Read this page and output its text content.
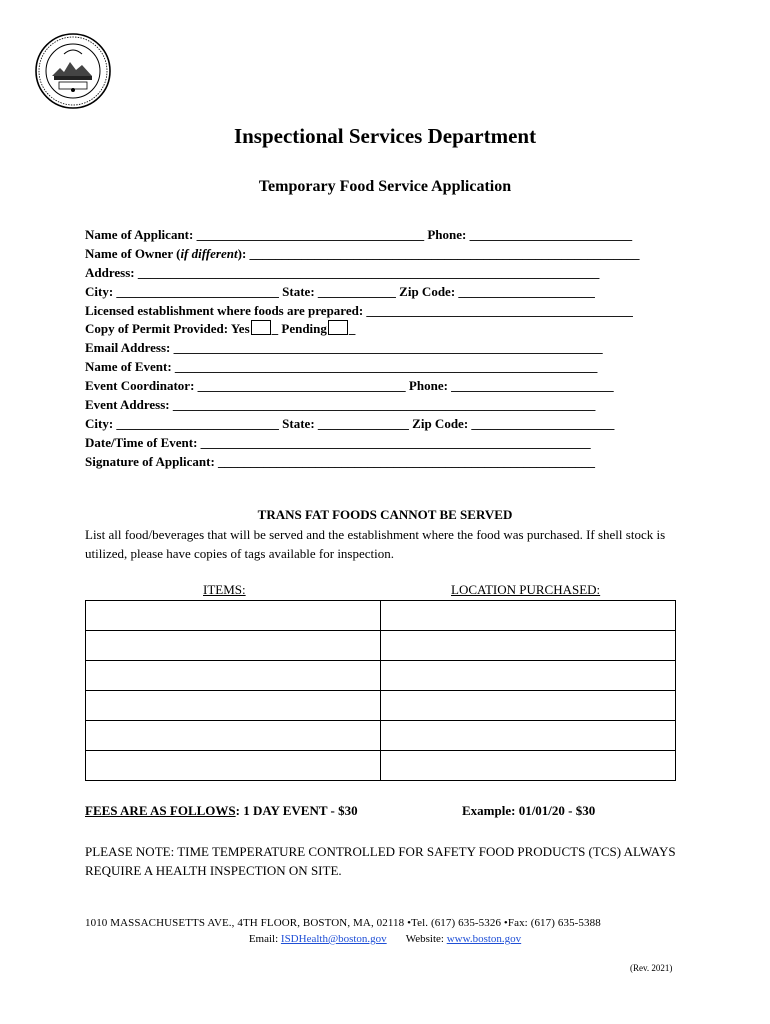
Inspectional Services Department
Temporary Food Service Application
Name of Applicant: ___________________________________ Phone: _________________________
Name of Owner (if different): ____________________________________________________________
Address: _______________________________________________________________________
City: _________________________ State: ____________ Zip Code: _____________________
Licensed establishment where foods are prepared: _________________________________________
Copy of Permit Provided: Yes _ Pending _
Email Address: __________________________________________________________________
Name of Event: _________________________________________________________________
Event Coordinator: ________________________________ Phone: _________________________
Event Address: _________________________________________________________________
City: _________________________ State: ______________ Zip Code: ______________________
Date/Time of Event: ____________________________________________________________
Signature of Applicant: __________________________________________________________
TRANS FAT FOODS CANNOT BE SERVED
List all food/beverages that will be served and the establishment where the food was purchased. If shell stock is utilized, please have copies of tags available for inspection.
ITEMS:	LOCATION PURCHASED:

FEES ARE AS FOLLOWS: 1 DAY EVENT - $30	Example: 01/01/20 - $30
PLEASE NOTE: TIME TEMPERATURE CONTROLLED FOR SAFETY FOOD PRODUCTS (TCS) ALWAYS REQUIRE A HEALTH INSPECTION ON SITE.
1010 MASSACHUSETTS AVE., 4TH FLOOR, BOSTON, MA, 02118 •Tel. (617) 635-5326 •Fax: (617) 635-5388
Email: ISDHealth@boston.gov Website: www.boston.gov
(Rev. 2021)
